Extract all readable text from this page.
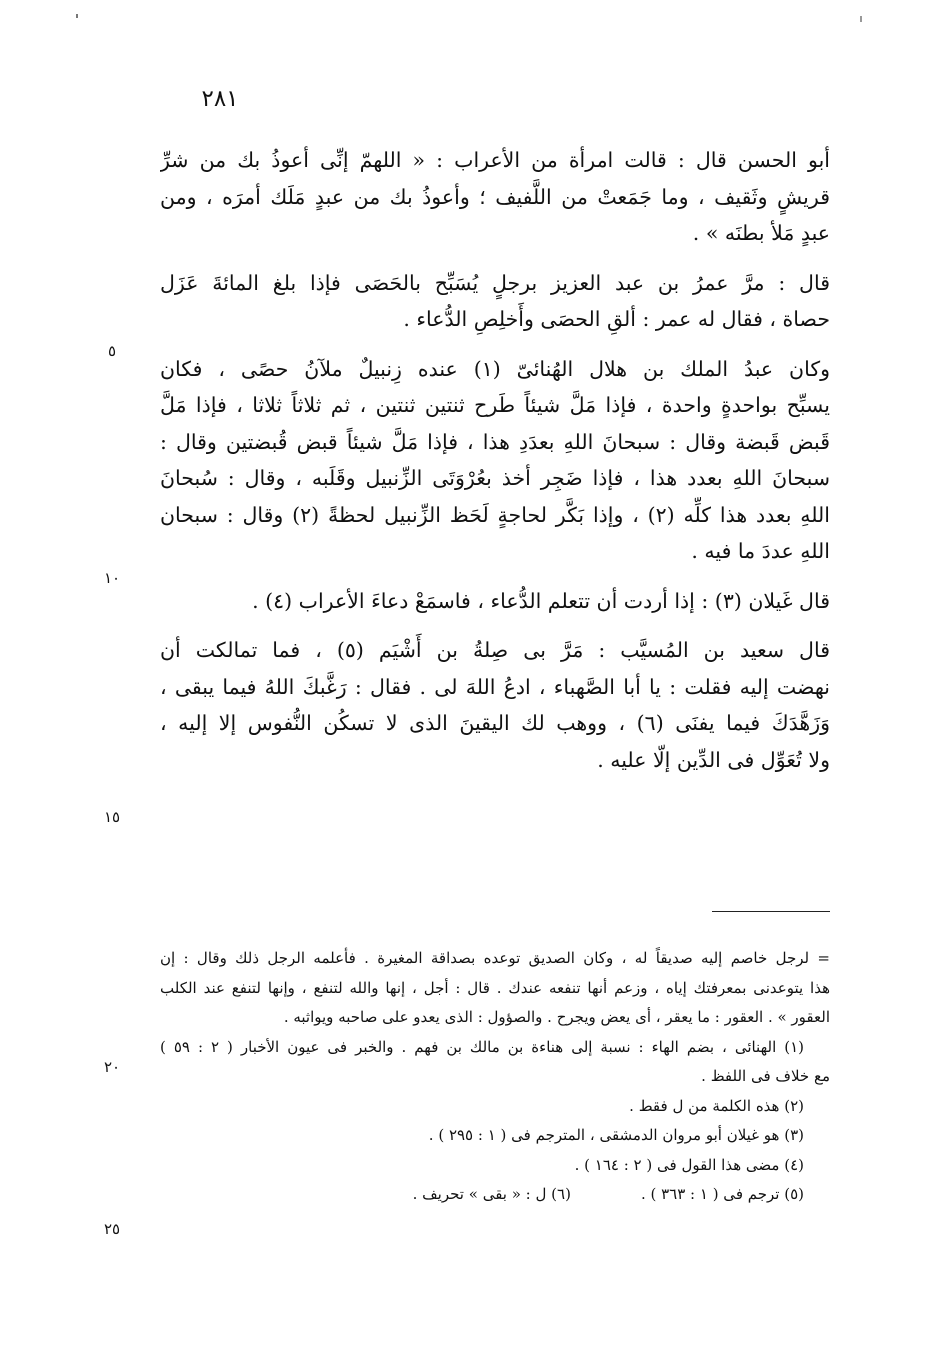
٢٨١
أبو الحسن قال : قالت امرأة من الأعراب : « اللهمّ إنِّى أعوذُ بك من شرِّ
قريشٍ وثَقيف ، وما جَمَعتْ من اللَّفيف ؛ وأعوذُ بك من عبدٍ مَلَك أمرَه ، ومن
عبدٍ مَلأ بطنَه » .
قال : مرَّ عمرُ بن عبد العزيز برجلٍ يُسَبِّح بالحَصَى فإذا بلغ المائةَ عَزَل
حصاة ، فقال له عمر : ألقِ الحصَى وأَخلِصِ الدُّعاء .
وكان عبدُ الملك بن هلال الهُنائىّ (١) عنده زِنبيلٌ ملآنُ حصًى ، فكان
يسبِّح بواحدةٍ واحدة ، فإذا مَلَّ شيئاً طَرح ثنتين ثنتين ، ثم ثلاثاً ثلاثا ، فإذا مَلَّ
قَبض قَبضة وقال : سبحانَ اللهِ بعدَدِ هذا ، فإذا مَلَّ شيئاً قبض قُبضتين وقال :
سبحانَ اللهِ بعدد هذا ، فإذا ضَجِر أخذ بعُرْوَتَى الزِّنبيل وقَلَبه ، وقال : سُبحانَ
اللهِ بعدد هذا كلِّه (٢) ، وإذا بَكَّر لحاجةٍ لَحَظ الزِّنبيل لحظةً (٢) وقال : سبحان
اللهِ عددَ ما فيه .
قال غَيلان (٣) : إذا أردت أن تتعلم الدُّعاء ، فاسمَعْ دعاءَ الأعراب (٤) .
قال سعيد بن المُسيَّب : مَرَّ بى صِلةُ بن أَشْيَم (٥) ، فما تمالكت أن
نهضت إليه فقلت : يا أبا الصَّهباء ، ادعُ اللهَ لى . فقال : رَغَّبكَ اللهُ فيما يبقى ،
وَزَهَّدَكَ فيما يفنَى (٦) ، ووهب لك اليقينَ الذى لا تسكُن النُّفوس إلا إليه ،
ولا تُعَوِّل فى الدِّين إلّا عليه .
٥
١٠
١٥
٢٠
٢٥
= لرجل خاصم إليه صديقاً له ، وكان الصديق توعده بصداقة المغيرة . فأعلمه الرجل ذلك وقال : إن
هذا يتوعدنى بمعرفتك إياه ، وزعم أنها تنفعه عندك . قال : أجل ، إنها والله لتنفع ، وإنها لتنفع عند الكلب
العقور » . العقور : ما يعقر ، أى يعض ويجرح . والصؤول : الذى يعدو على صاحبه ويواثبه .
(١) الهنائى ، بضم الهاء : نسبة إلى هناءة بن مالك بن فهم . والخبر فى عيون الأخبار ( ٢ : ٥٩ )
مع خلاف فى اللفظ .
(٢) هذه الكلمة من ل فقط .
(٣) هو غيلان أبو مروان الدمشقى ، المترجم فى ( ١ : ٢٩٥ ) .
(٤) مضى هذا القول فى ( ٢ : ١٦٤ ) .
(٥) ترجم فى ( ١ : ٣٦٣ ) .(٦) ل : « بقى » تحريف .
